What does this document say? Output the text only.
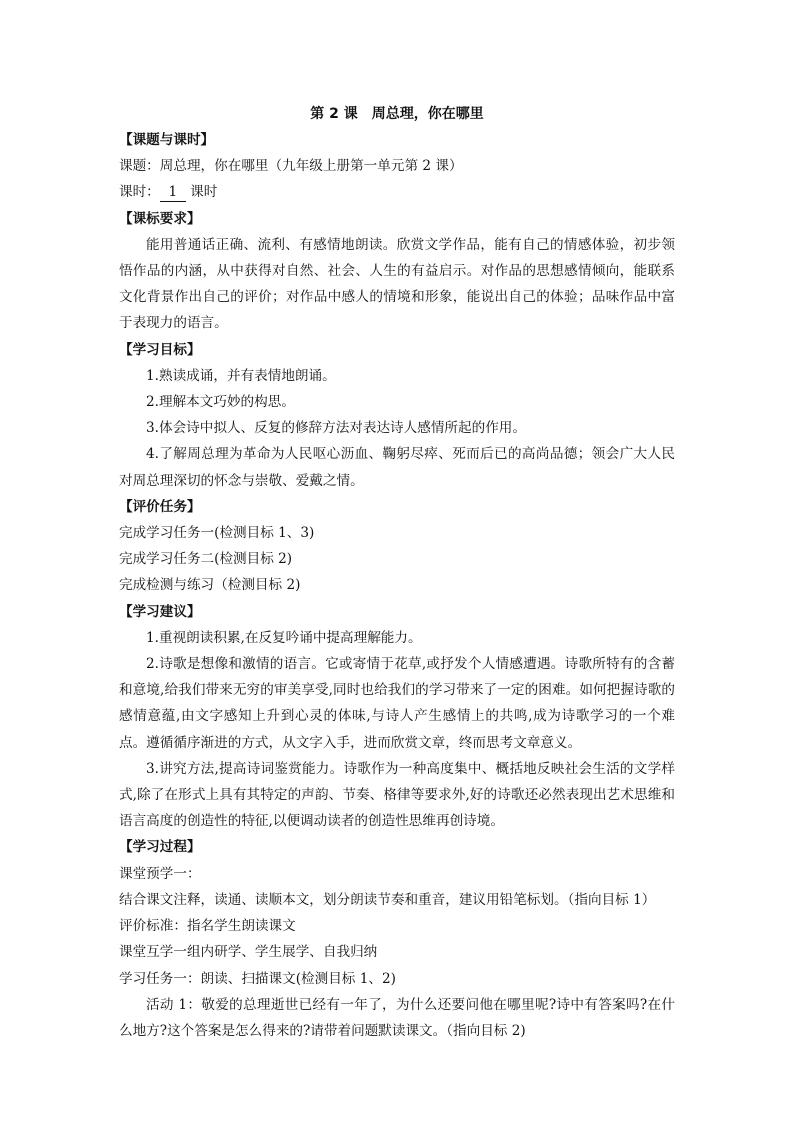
第 2 课　周总理，你在哪里
【课题与课时】
课题：周总理，你在哪里（九年级上册第一单元第 2 课）
课时： 1 课时
【课标要求】

能用普通话正确、流利、有感情地朗读。欣赏文学作品，能有自己的情感体验，初步领悟作品的内涵，从中获得对自然、社会、人生的有益启示。对作品的思想感情倾向，能联系文化背景作出自己的评价；对作品中感人的情境和形象，能说出自己的体验；品味作品中富于表现力的语言。

【学习目标】

1.熟读成诵，并有表情地朗诵。

2.理解本文巧妙的构思。

3.体会诗中拟人、反复的修辞方法对表达诗人感情所起的作用。

4.了解周总理为革命为人民呕心沥血、鞠躬尽瘁、死而后已的高尚品德；领会广大人民对周总理深切的怀念与崇敬、爱戴之情。

【评价任务】
完成学习任务一(检测目标 1、3)
完成学习任务二(检测目标 2)
完成检测与练习（检测目标 2)
【学习建议】

1.重视朗读积累,在反复吟诵中提高理解能力。

2.诗歌是想像和激情的语言。它或寄情于花草,或抒发个人情感遭遇。诗歌所特有的含蓄和意境,给我们带来无穷的审美享受,同时也给我们的学习带来了一定的困难。如何把握诗歌的感情意蕴,由文字感知上升到心灵的体味,与诗人产生感情上的共鸣,成为诗歌学习的一个难点。遵循循序渐进的方式，从文字入手，进而欣赏文章，终而思考文章意义。

3.讲究方法,提高诗词鉴赏能力。诗歌作为一种高度集中、概括地反映社会生活的文学样式,除了在形式上具有其特定的声韵、节奏、格律等要求外,好的诗歌还必然表现出艺术思维和语言高度的创造性的特征,以便调动读者的创造性思维再创诗境。

【学习过程】
课堂预学一：
结合课文注释，读通、读顺本文，划分朗读节奏和重音，建议用铅笔标划。（指向目标 1）
评价标准：指名学生朗读课文
课堂互学一组内研学、学生展学、自我归纳
学习任务一：朗读、扫描课文(检测目标 1、2)

活动 1：敬爱的总理逝世已经有一年了，为什么还要问他在哪里呢?诗中有答案吗?在什么地方?这个答案是怎么得来的?请带着问题默读课文。（指向目标 2)
